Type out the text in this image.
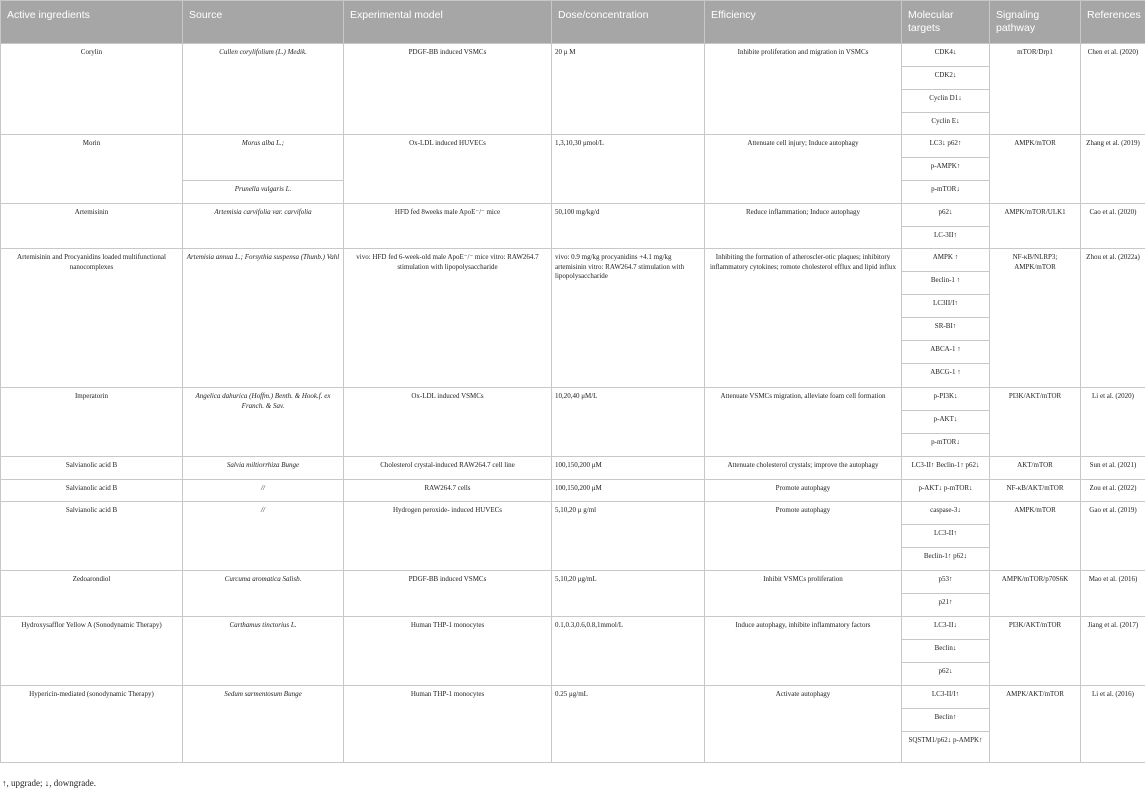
Active ingredients	Source	Experimental model	Dose/concentration	Efficiency	Molecular targets	Signaling pathway	References
Corylin	Cullen corylifolium (L.) Medik.	PDGF-BB induced VSMCs	20 μ M	Inhibite proliferation and migration in VSMCs	CDK4↓	mTOR/Drp1	Chen et al. (2020)
					CDK2↓		
					Cyclin D1↓		
					Cyclin E↓		
Morin	Morus alba L.;	Ox-LDL induced HUVECs	1,3,10,30 μmol/L	Attenuate cell injury; Induce autophagy	LC3↓ p62↑	AMPK/mTOR	Zhang et al. (2019)
					p-AMPK↑		
	Prunella vulgaris L.				p-mTOR↓		
Artemisinin	Artemisia carvifolia var. carvifolia	HFD fed 8weeks male ApoE⁻/⁻ mice	50,100 mg/kg/d	Reduce inflammation; Induce autophagy	p62↓	AMPK/mTOR/ULK1	Cao et al. (2020)
					LC-3II↑		
Artemisinin and Procyanidins loaded multifunctional nanocomplexes	Artemisia annua L.; Forsythia suspensa (Thunb.) Vahl	vivo: HFD fed 6-week-old male ApoE⁻/⁻ mice vitro: RAW264.7 stimulation with lipopolysaccharide	vivo: 0.9 mg/kg procyanidins +4.1 mg/kg artemisinin vitro: RAW264.7 stimulation with lipopolysaccharide	Inhibiting the formation of atheroscler-otic plaques; inhibitory inflammatory cytokines; romote cholesterol efflux and lipid influx	AMPK ↑	NF-κB/NLRP3; AMPK/mTOR	Zhou et al. (2022a)
					Beclin-1 ↑		
					LC3II/I↑		
					SR-BI↑		
					ABCA-1 ↑		
					ABCG-1 ↑		
Imperatorin	Angelica dahurica (Hoffm.) Benth. & Hook.f. ex Franch. & Sav.	Ox-LDL induced VSMCs	10,20,40 μM/L	Attenuate VSMCs migration, alleviate foam cell formation	p-PI3K↓	PI3K/AKT/mTOR	Li et al. (2020)
					p-AKT↓		
					p-mTOR↓		
Salvianolic acid B	Salvia miltiorrhiza Bunge	Cholesterol crystal-induced RAW264.7 cell line	100,150,200 μM	Attenuate cholesterol crystals; improve the autophagy	LC3-II↑ Beclin-1↑ p62↓	AKT/mTOR	Sun et al. (2021)
Salvianolic acid B	//	RAW264.7 cells	100,150,200 μM	Promote autophagy	p-AKT↓ p-mTOR↓	NF-κB/AKT/mTOR	Zou et al. (2022)
Salvianolic acid B	//	Hydrogen peroxide- induced HUVECs	5,10,20 μ g/ml	Promote autophagy	caspase-3↓	AMPK/mTOR	Gao et al. (2019)
					LC3-II↑		
					Beclin-1↑ p62↓		
Zedoarondiol	Curcuma aromatica Salisb.	PDGF-BB induced VSMCs	5,10,20 μg/mL	Inhibit VSMCs proliferation	p53↑	AMPK/mTOR/p70S6K	Mao et al. (2016)
					p21↑		
Hydroxysafflor Yellow A (Sonodynamic Therapy)	Carthamus tinctorius L.	Human THP-1 monocytes	0.1,0.3,0.6,0.8,1mmol/L	Induce autophagy, inhibite inflammatory factors	LC3-II↓	PI3K/AKT/mTOR	Jiang et al. (2017)
					Beclin↓		
					p62↓		
Hypericin-mediated (sonodynamic Therapy)	Sedum sarmentosum Bunge	Human THP-1 monocytes	0.25 μg/mL	Activate autophagy	LC3-II/I↑	AMPK/AKT/mTOR	Li et al. (2016)
					Beclin↑		
					SQSTM1/p62↓ p-AMPK↑		
↑, upgrade; ↓, downgrade.
